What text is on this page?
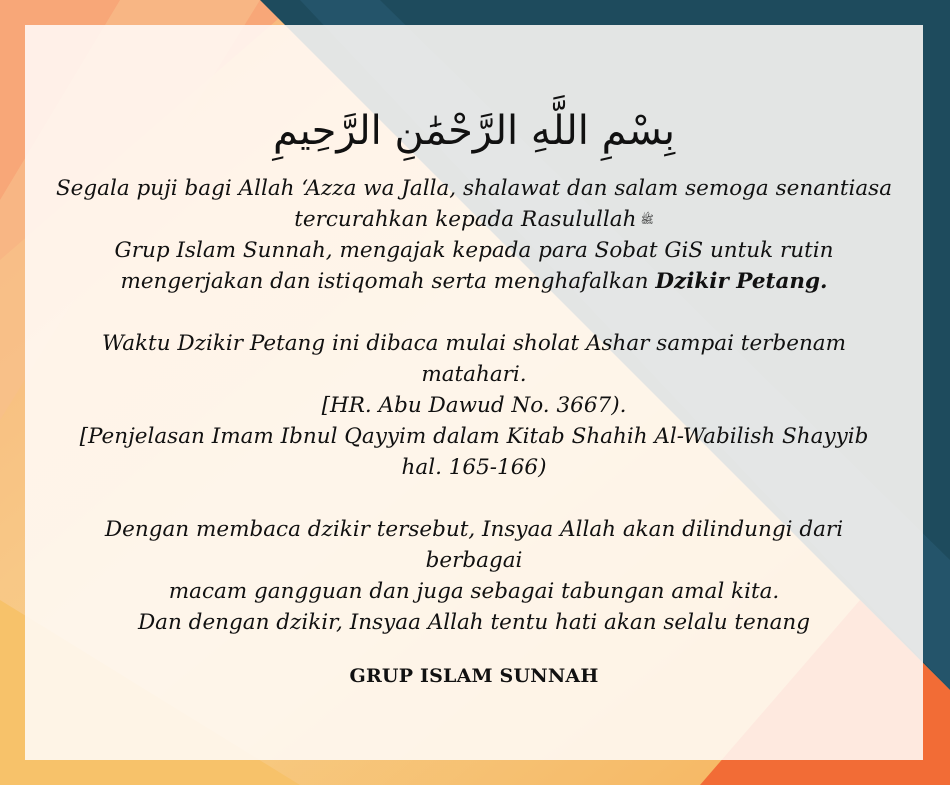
بِسْمِ اللَّهِ الرَّحْمَٰنِ الرَّحِيمِ
Segala puji bagi Allah ‘Azza wa Jalla, shalawat dan salam semoga senantiasa
tercurahkan kepada Rasulullah ﷺ
Grup Islam Sunnah, mengajak kepada para Sobat GiS untuk rutin
mengerjakan dan istiqomah serta menghafalkan Dzikir Petang.
Waktu Dzikir Petang ini dibaca mulai sholat Ashar sampai terbenam
matahari.
[HR. Abu Dawud No. 3667).
[Penjelasan Imam Ibnul Qayyim dalam Kitab Shahih Al-Wabilish Shayyib
hal. 165-166)
Dengan membaca dzikir tersebut, Insyaa Allah akan dilindungi dari berbagai
macam gangguan dan juga sebagai tabungan amal kita.
Dan dengan dzikir, Insyaa Allah tentu hati akan selalu tenang
GRUP ISLAM SUNNAH
